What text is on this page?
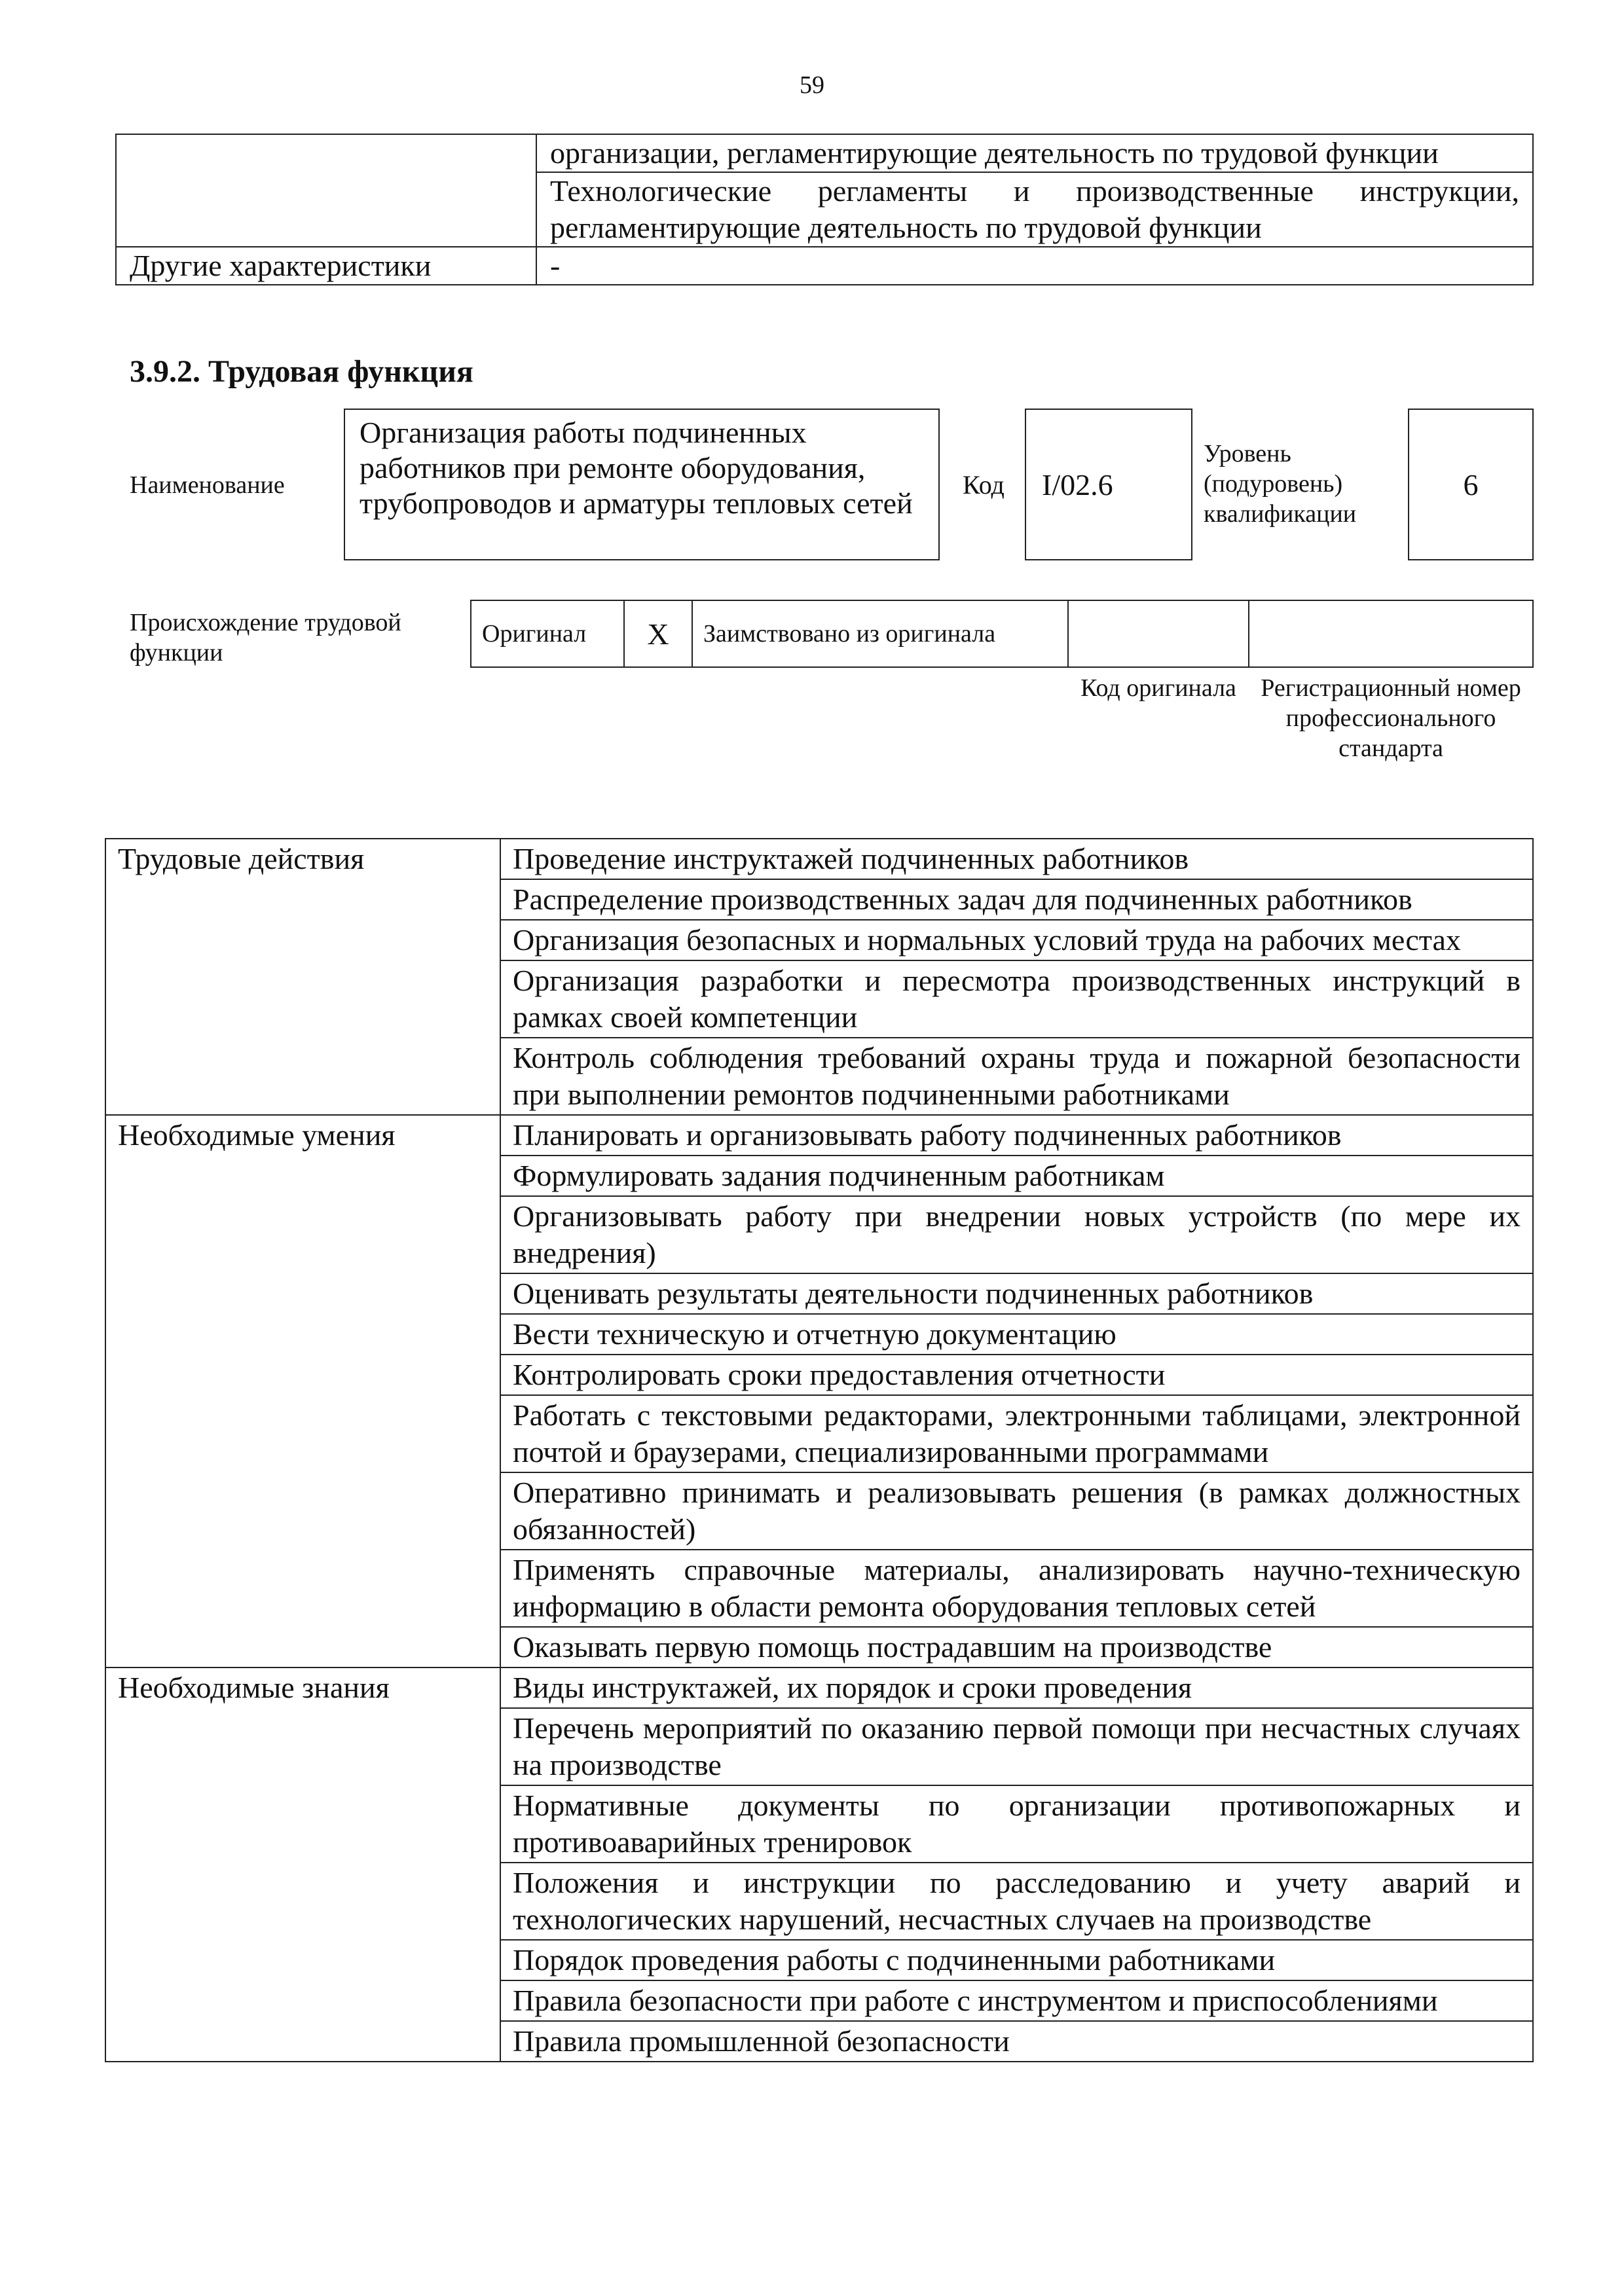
59
	организации, регламентирующие деятельность по трудовой функции
	Технологические регламенты и производственные инструкции, регламентирующие деятельность по трудовой функции
Другие характеристики	-
3.9.2. Трудовая функция
Наименование
Организация работы подчиненных работников при ремонте оборудования, трубопроводов и арматуры тепловых сетей
Код	I/02.6
Уровень (подуровень) квалификации
6
Происхождение трудовой функции
Оригинал	X	Заимствовано из оригинала		
Код оригинала Регистрационный номер профессионального стандарта
Трудовые действия	Проведение инструктажей подчиненных работников
	Распределение производственных задач для подчиненных работников
	Организация безопасных и нормальных условий труда на рабочих местах
	Организация разработки и пересмотра производственных инструкций в рамках своей компетенции
	Контроль соблюдения требований охраны труда и пожарной безопасности при выполнении ремонтов подчиненными работниками
Необходимые умения	Планировать и организовывать работу подчиненных работников
	Формулировать задания подчиненным работникам
	Организовывать работу при внедрении новых устройств (по мере их внедрения)
	Оценивать результаты деятельности подчиненных работников
	Вести техническую и отчетную документацию
	Контролировать сроки предоставления отчетности
	Работать с текстовыми редакторами, электронными таблицами, электронной почтой и браузерами, специализированными программами
	Оперативно принимать и реализовывать решения (в рамках должностных обязанностей)
	Применять справочные материалы, анализировать научно-техническую информацию в области ремонта оборудования тепловых сетей
	Оказывать первую помощь пострадавшим на производстве
Необходимые знания	Виды инструктажей, их порядок и сроки проведения
	Перечень мероприятий по оказанию первой помощи при несчастных случаях на производстве
	Нормативные документы по организации противопожарных и противоаварийных тренировок
	Положения и инструкции по расследованию и учету аварий и технологических нарушений, несчастных случаев на производстве
	Порядок проведения работы с подчиненными работниками
	Правила безопасности при работе с инструментом и приспособлениями
	Правила промышленной безопасности
